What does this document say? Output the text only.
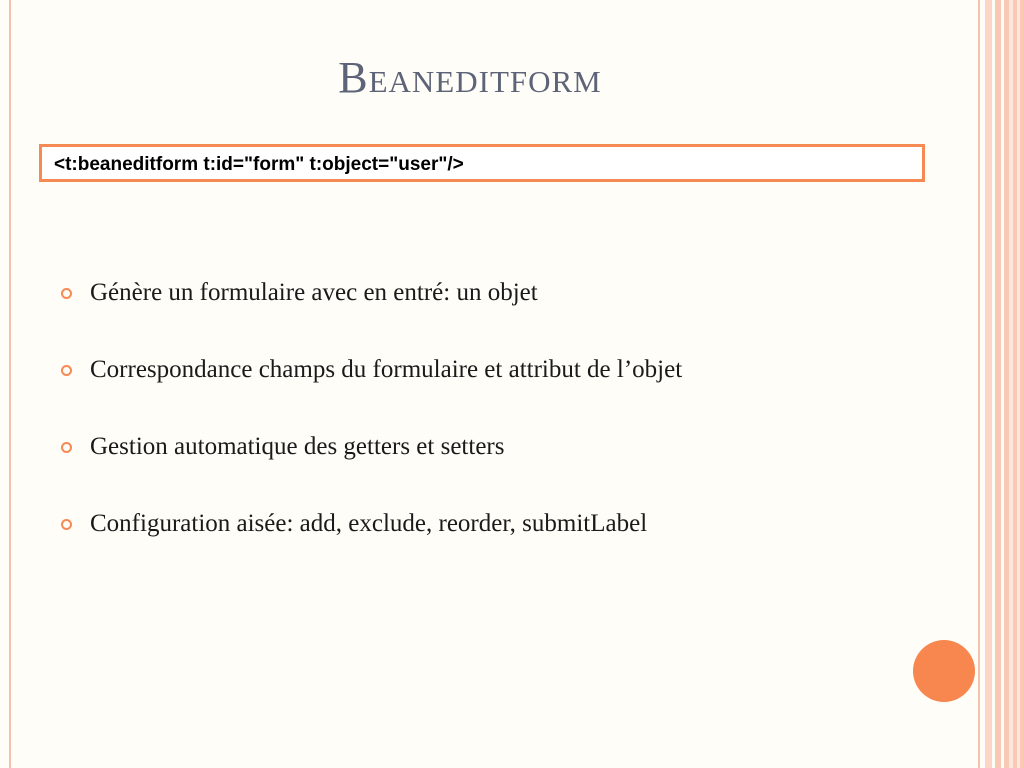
Beaneditform
<t:beaneditform t:id="form" t:object="user"/>
Génère un formulaire avec en entré: un objet
Correspondance champs du formulaire et attribut de l’objet
Gestion automatique des getters et setters
Configuration aisée: add, exclude, reorder, submitLabel
